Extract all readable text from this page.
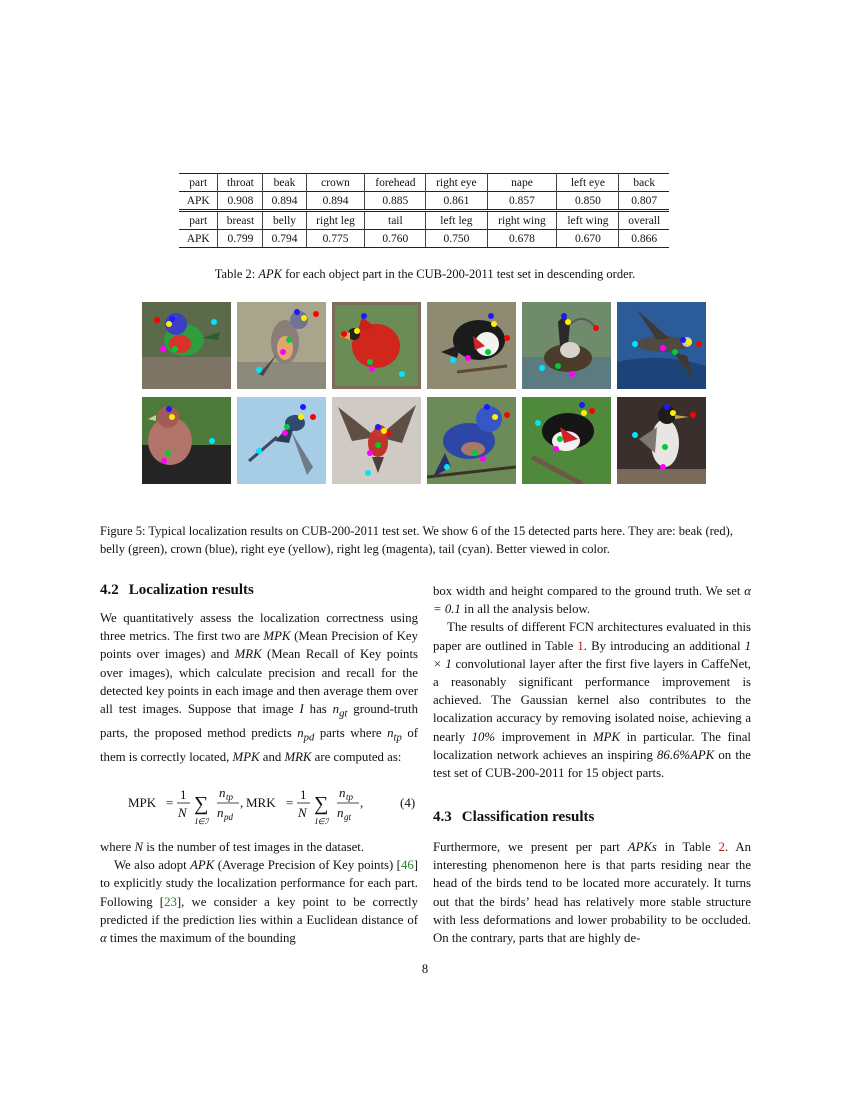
part	throat	beak	crown	forehead	right eye	nape	left eye	back
APK	0.908	0.894	0.894	0.885	0.861	0.857	0.850	0.807
part	breast	belly	right leg	tail	left leg	right wing	left wing	overall
APK	0.799	0.794	0.775	0.760	0.750	0.678	0.670	0.866
Table 2: APK for each object part in the CUB-200-2011 test set in descending order.
Figure 5: Typical localization results on CUB-200-2011 test set. We show 6 of the 15 detected parts here. They are: beak (red), belly (green), crown (blue), right eye (yellow), right leg (magenta), tail (cyan). Better viewed in color.
4.2 Localization results

We quantitatively assess the localization correctness using three metrics. The first two are MPK (Mean Precision of Key points over images) and MRK (Mean Recall of Key points over images), which calculate precision and recall for the detected key points in each image and then average them over all test images. Suppose that image I has $n_{gt}$ ground-truth parts, the proposed method predicts $n_{pd}$ parts where $n_{tp}$ of them is correctly located, MPK and MRK are computed as:

MPK =
1
N ∑
I∈ℐ
n tp
n pd
, MRK =
1
N ∑
I∈ℐ
n tp
n gt
,	(4)

where N is the number of test images in the dataset.

We also adopt APK (Average Precision of Key points) [46] to explicitly study the localization performance for each part. Following [23], we consider a key point to be correctly predicted if the prediction lies within a Euclidean distance of α times the maximum of the bounding

box width and height compared to the ground truth. We set α = 0.1 in all the analysis below.

The results of different FCN architectures evaluated in this paper are outlined in Table 1. By introducing an additional 1 × 1 convolutional layer after the first five layers in CaffeNet, a reasonably significant performance improvement is achieved. The Gaussian kernel also contributes to the localization accuracy by removing isolated noise, achieving a nearly 10% improvement in MPK in particular. The final localization network achieves an inspiring 86.6%APK on the test set of CUB-200-2011 for 15 object parts.

4.3 Classification results

Furthermore, we present per part APKs in Table 2. An interesting phenomenon here is that parts residing near the head of the birds tend to be located more accurately. It turns out that the birds’ head has relatively more stable structure with less deformations and lower probability to be occluded. On the contrary, parts that are highly de-

8
